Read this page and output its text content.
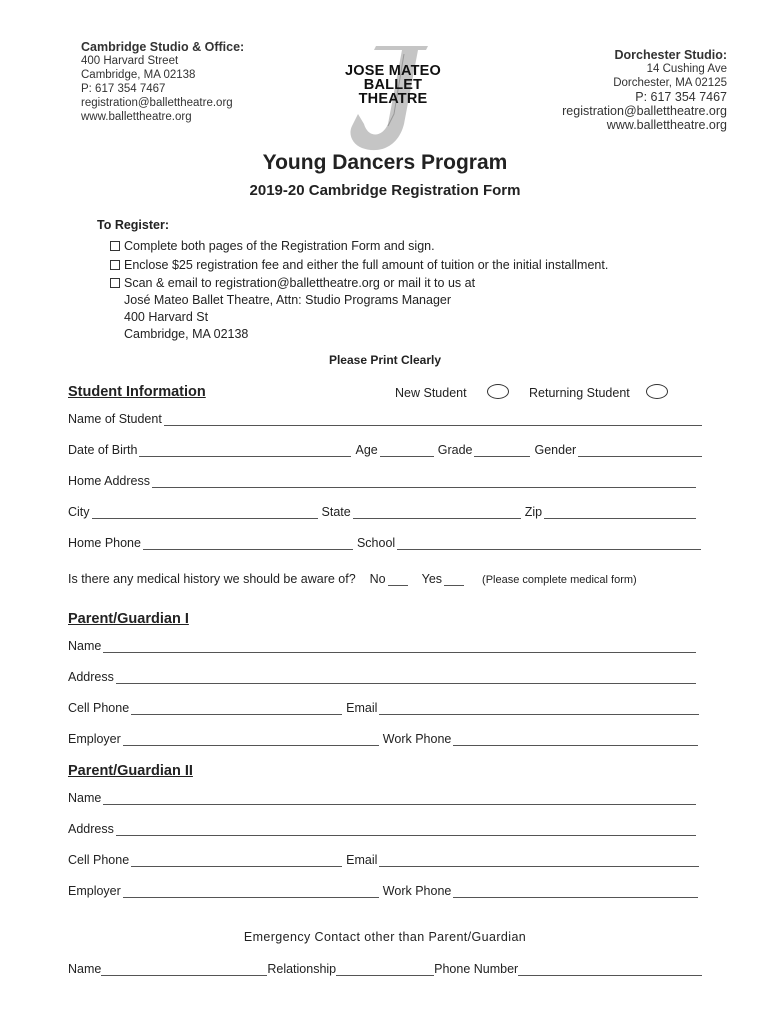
Cambridge Studio & Office:
400 Harvard Street
Cambridge, MA 02138
P: 617 354 7467
registration@ballettheatre.org
www.ballettheatre.org
JOSE MATEO
BALLET
THEATRE
Dorchester Studio:
14 Cushing Ave
Dorchester, MA 02125
P: 617 354 7467
registration@ballettheatre.org
www.ballettheatre.org
Young Dancers Program
2019-20 Cambridge Registration Form
To Register:
Complete both pages of the Registration Form and sign.
Enclose $25 registration fee and either the full amount of tuition or the initial installment.
Scan & email to registration@ballettheatre.org or mail it to us at
José Mateo Ballet Theatre, Attn: Studio Programs Manager
400 Harvard St
Cambridge, MA 02138
Please Print Clearly
Student Information	New Student	Returning Student
Name of Student
Date of Birth	Age	Grade	Gender
Home Address
City	State	Zip
Home Phone	School
Is there any medical history we should be aware of? No	Yes	(Please complete medical form)
Parent/Guardian I
Name
Address
Cell Phone	Email
Employer	Work Phone
Parent/Guardian II
Name
Address
Cell Phone	Email
Employer	Work Phone
Emergency Contact other than Parent/Guardian
Name	Relationship	Phone Number
